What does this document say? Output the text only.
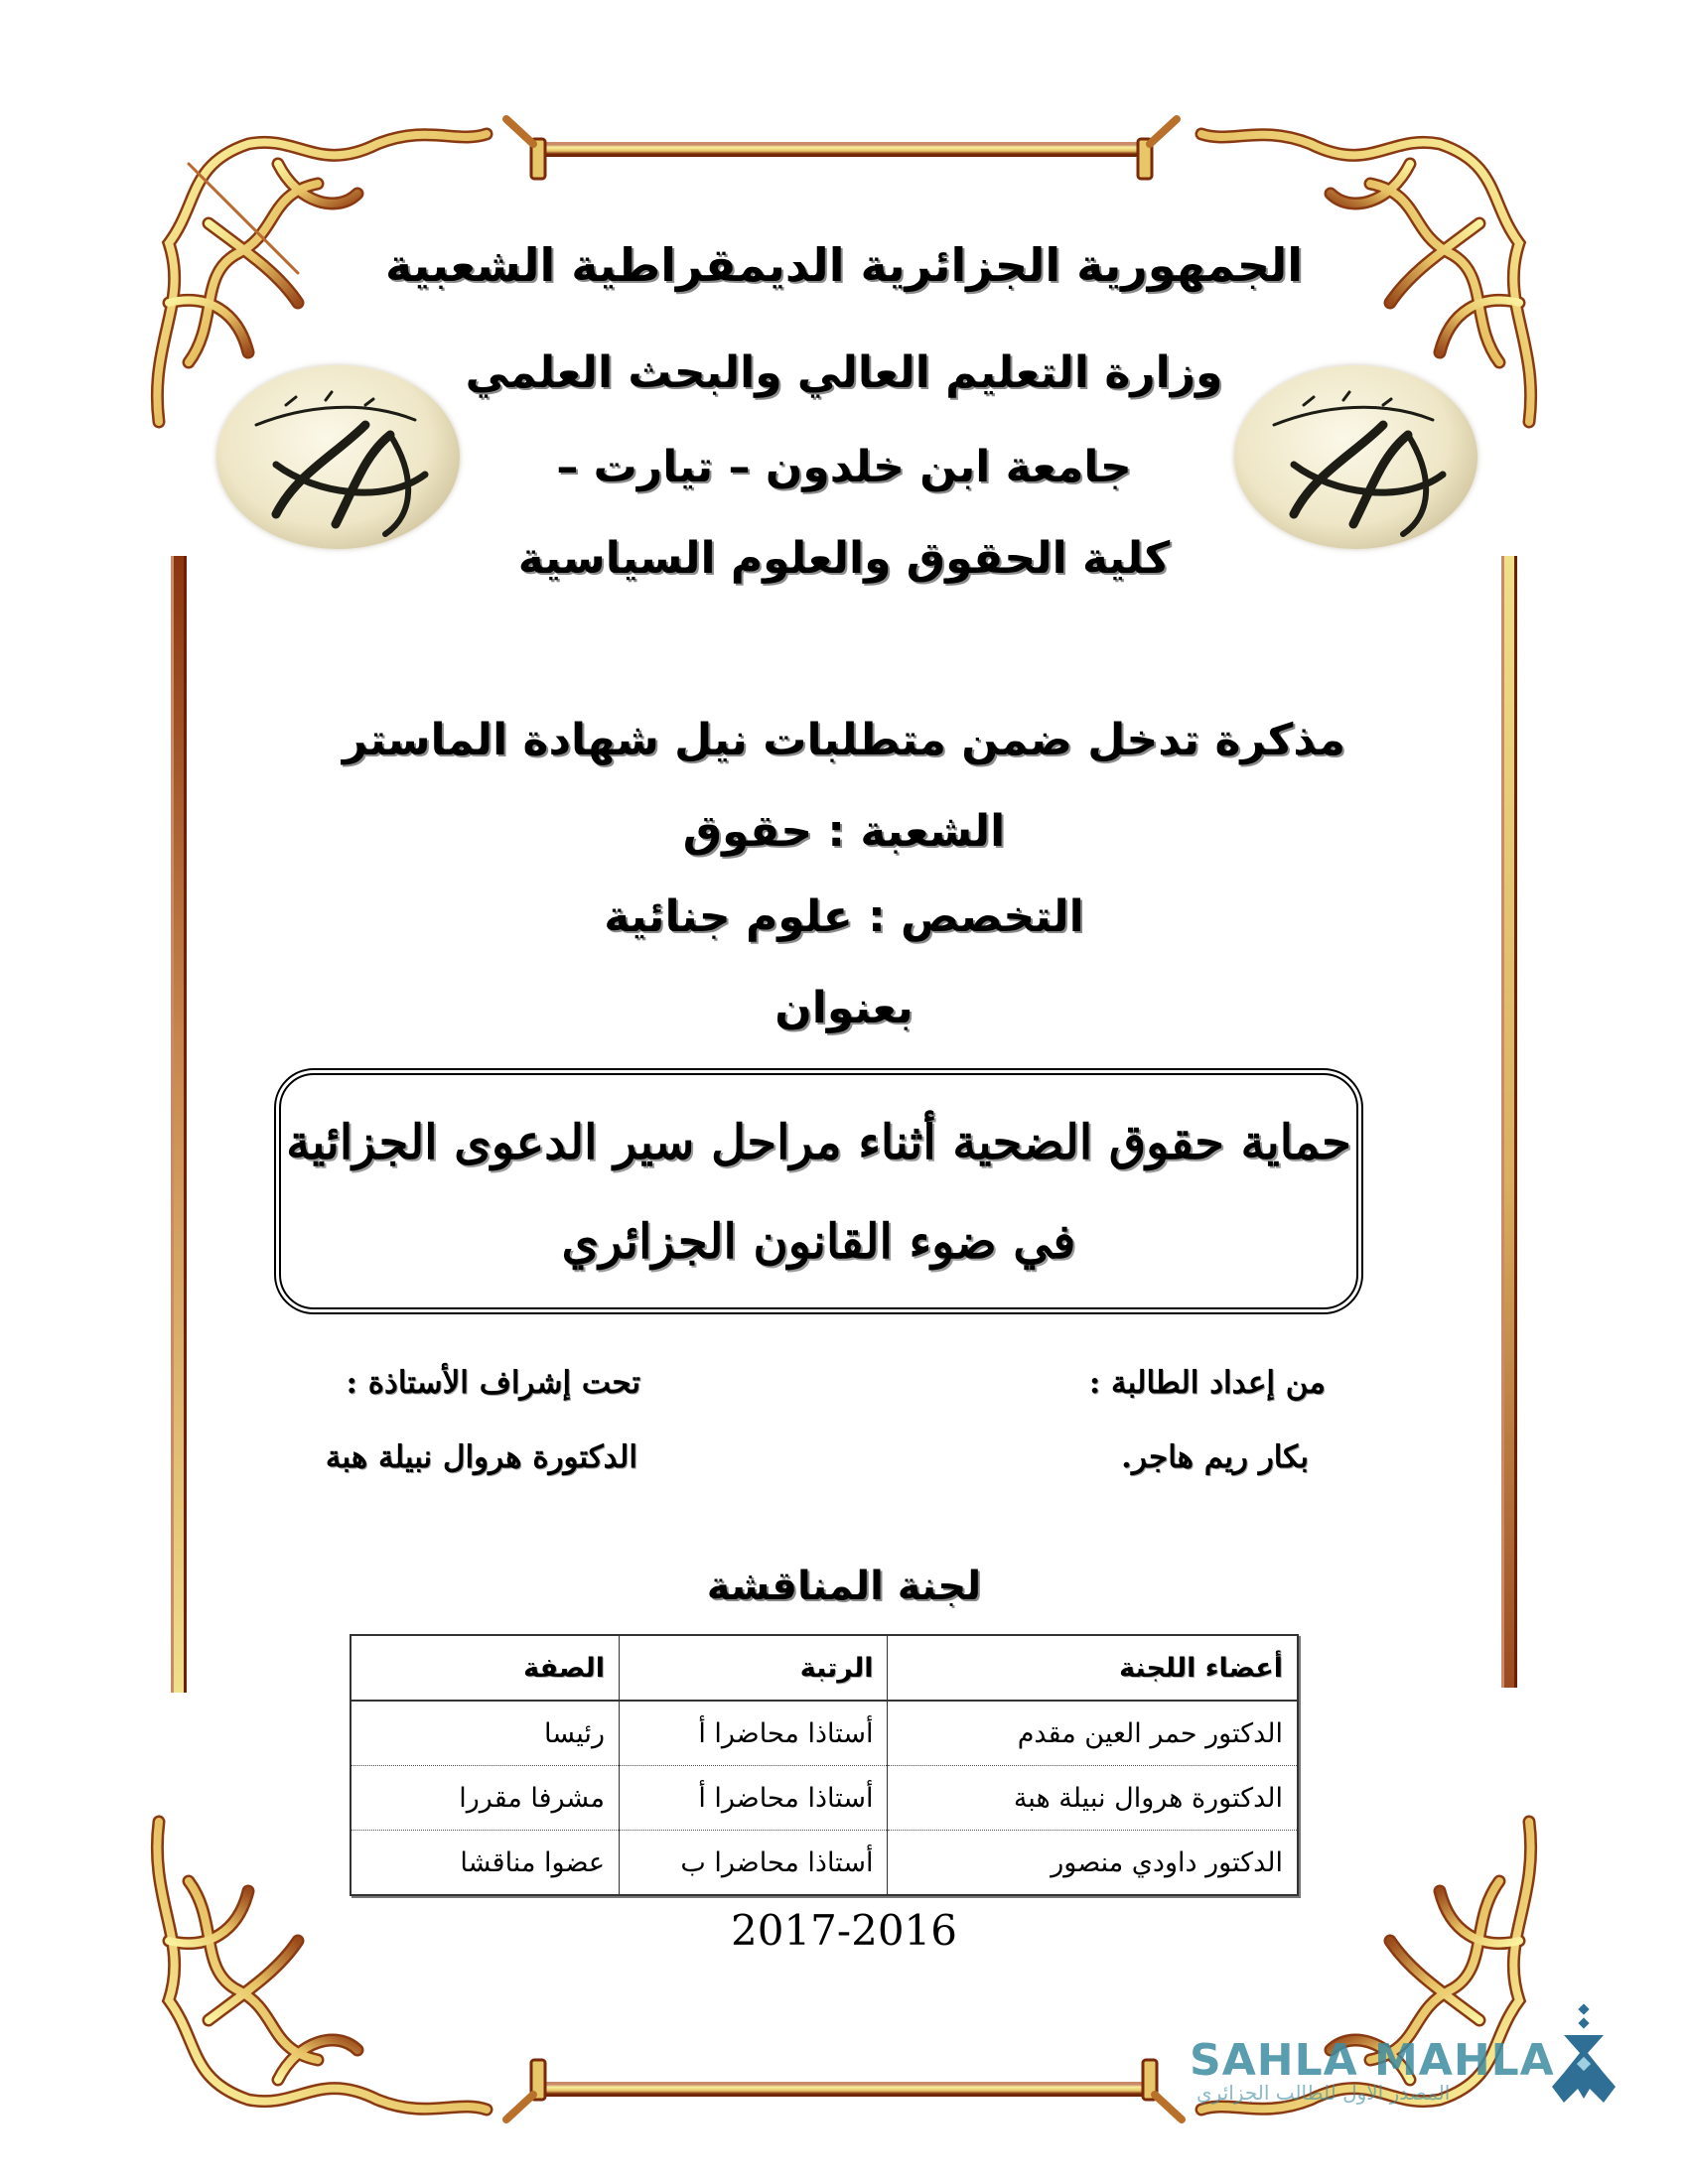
الجمهورية الجزائرية الديمقراطية الشعبية
وزارة التعليم العالي والبحث العلمي
جامعة ابن خلدون – تيارت –
كلية الحقوق والعلوم السياسية
مذكرة تدخل ضمن متطلبات نيل شهادة الماستر
الشعبة : حقوق
التخصص : علوم جنائية
بعنوان
حماية حقوق الضحية أثناء مراحل سير الدعوى الجزائية
في ضوء القانون الجزائري
من إعداد الطالبة :
بكار ريم هاجر.
تحت إشراف الأستاذة :
الدكتورة هروال نبيلة هبة
لجنة المناقشة
أعضاء اللجنة	الرتبة	الصفة
الدكتور حمر العين مقدم	أستاذا محاضرا أ	رئيسا
الدكتورة هروال نبيلة هبة	أستاذا محاضرا أ	مشرفا مقررا
الدكتور داودي منصور	أستاذا محاضرا ب	عضوا مناقشا
2017-2016
SAHLA MAHLA
المصدر الاول للطالب الجزائري
